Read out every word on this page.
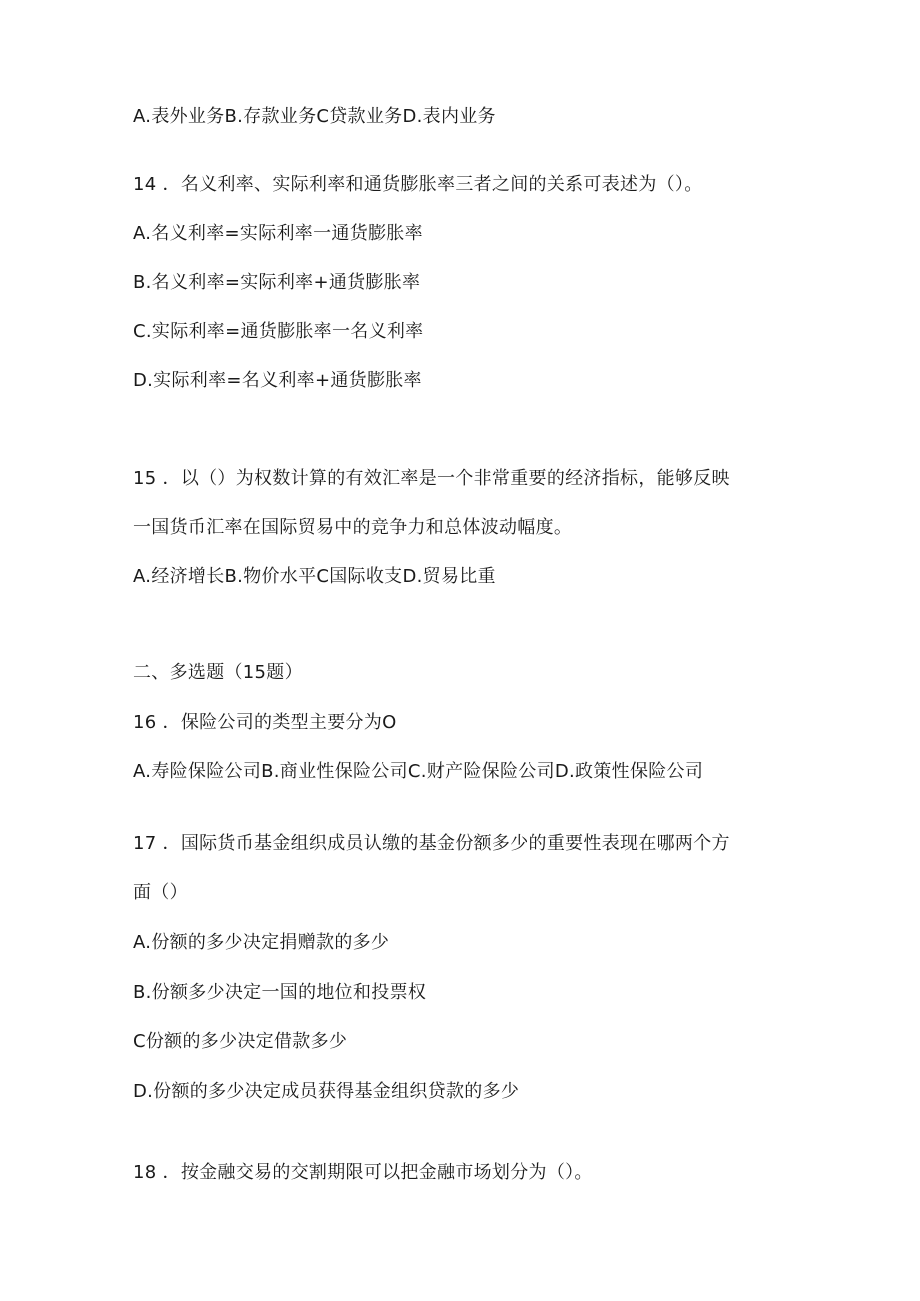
A.表外业务B.存款业务C贷款业务D.表内业务
14 ．名义利率、实际利率和通货膨胀率三者之间的关系可表述为（）。
A.名义利率=实际利率一通货膨胀率
B.名义利率=实际利率+通货膨胀率
C.实际利率=通货膨胀率一名义利率
D.实际利率=名义利率+通货膨胀率
15 ．以（）为权数计算的有效汇率是一个非常重要的经济指标，能够反映
一国货币汇率在国际贸易中的竞争力和总体波动幅度。
A.经济增长B.物价水平C国际收支D.贸易比重
二、多选题（15题）
16 ．保险公司的类型主要分为O
A.寿险保险公司B.商业性保险公司C.财产险保险公司D.政策性保险公司
17 ．国际货币基金组织成员认缴的基金份额多少的重要性表现在哪两个方
面（）
A.份额的多少决定捐赠款的多少
B.份额多少决定一国的地位和投票权
C份额的多少决定借款多少
D.份额的多少决定成员获得基金组织贷款的多少
18 ．按金融交易的交割期限可以把金融市场划分为（）。
